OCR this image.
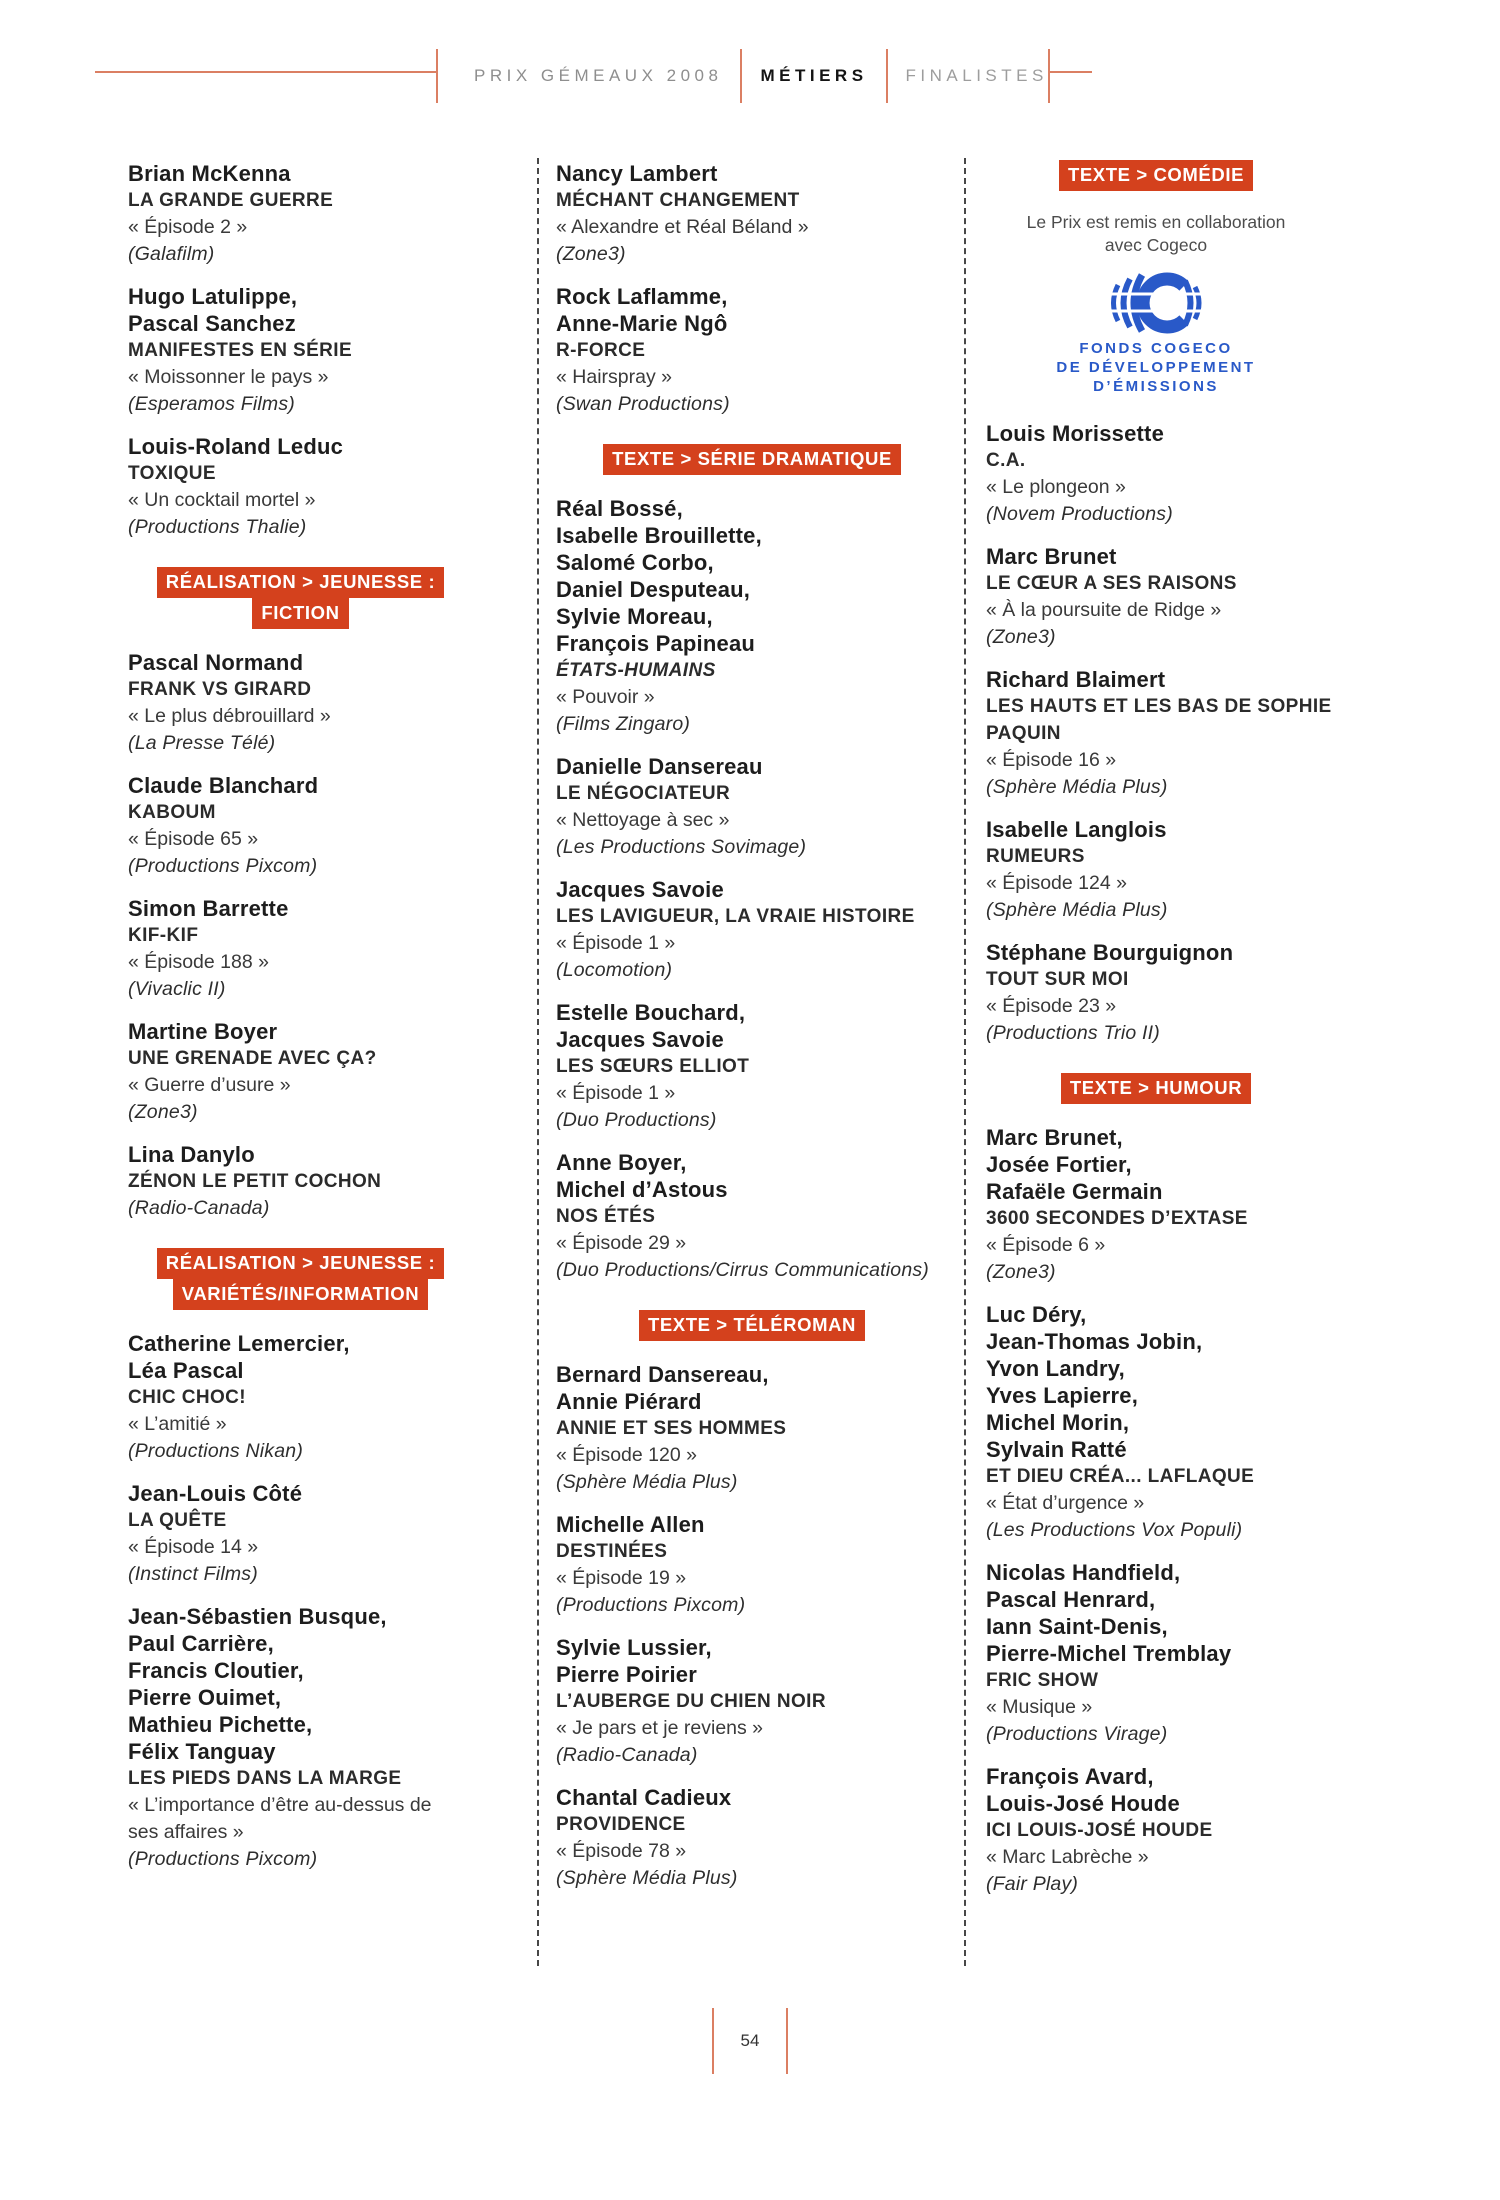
PRIX GÉMEAUX 2008	MÉTIERS	FINALISTES
Brian McKenna
LA GRANDE GUERRE
« Épisode 2 »
(Galafilm)
Hugo Latulippe,
Pascal Sanchez
MANIFESTES EN SÉRIE
« Moissonner le pays »
(Esperamos Films)
Louis-Roland Leduc
TOXIQUE
« Un cocktail mortel »
(Productions Thalie)
RÉALISATION > JEUNESSE :
FICTION
Pascal Normand
FRANK VS GIRARD
« Le plus débrouillard »
(La Presse Télé)
Claude Blanchard
KABOUM
« Épisode 65 »
(Productions Pixcom)
Simon Barrette
KIF-KIF
« Épisode 188 »
(Vivaclic II)
Martine Boyer
UNE GRENADE AVEC ÇA?
« Guerre d’usure »
(Zone3)
Lina Danylo
ZÉNON LE PETIT COCHON
(Radio-Canada)
RÉALISATION > JEUNESSE :
VARIÉTÉS/INFORMATION
Catherine Lemercier,
Léa Pascal
CHIC CHOC!
« L’amitié »
(Productions Nikan)
Jean-Louis Côté
LA QUÊTE
« Épisode 14 »
(Instinct Films)
Jean-Sébastien Busque,
Paul Carrière,
Francis Cloutier,
Pierre Ouimet,
Mathieu Pichette,
Félix Tanguay
LES PIEDS DANS LA MARGE
« L’importance d’être au-dessus de ses affaires »
(Productions Pixcom)
Nancy Lambert
MÉCHANT CHANGEMENT
« Alexandre et Réal Béland »
(Zone3)
Rock Laflamme,
Anne-Marie Ngô
R-FORCE
« Hairspray »
(Swan Productions)
TEXTE > SÉRIE DRAMATIQUE
Réal Bossé,
Isabelle Brouillette,
Salomé Corbo,
Daniel Desputeau,
Sylvie Moreau,
François Papineau
ÉTATS-HUMAINS
« Pouvoir »
(Films Zingaro)
Danielle Dansereau
LE NÉGOCIATEUR
« Nettoyage à sec »
(Les Productions Sovimage)
Jacques Savoie
LES LAVIGUEUR, LA VRAIE HISTOIRE
« Épisode 1 »
(Locomotion)
Estelle Bouchard,
Jacques Savoie
LES SŒURS ELLIOT
« Épisode 1 »
(Duo Productions)
Anne Boyer,
Michel d’Astous
NOS ÉTÉS
« Épisode 29 »
(Duo Productions/Cirrus Communications)
TEXTE > TÉLÉROMAN
Bernard Dansereau,
Annie Piérard
ANNIE ET SES HOMMES
« Épisode 120 »
(Sphère Média Plus)
Michelle Allen
DESTINÉES
« Épisode 19 »
(Productions Pixcom)
Sylvie Lussier,
Pierre Poirier
L’AUBERGE DU CHIEN NOIR
« Je pars et je reviens »
(Radio-Canada)
Chantal Cadieux
PROVIDENCE
« Épisode 78 »
(Sphère Média Plus)
TEXTE > COMÉDIE
Le Prix est remis en collaboration
avec Cogeco
FONDS COGECO
DE DÉVELOPPEMENT
D’ÉMISSIONS
Louis Morissette
C.A.
« Le plongeon »
(Novem Productions)
Marc Brunet
LE CŒUR A SES RAISONS
« À la poursuite de Ridge »
(Zone3)
Richard Blaimert
LES HAUTS ET LES BAS DE SOPHIE PAQUIN
« Épisode 16 »
(Sphère Média Plus)
Isabelle Langlois
RUMEURS
« Épisode 124 »
(Sphère Média Plus)
Stéphane Bourguignon
TOUT SUR MOI
« Épisode 23 »
(Productions Trio II)
TEXTE > HUMOUR
Marc Brunet,
Josée Fortier,
Rafaële Germain
3600 SECONDES D’EXTASE
« Épisode 6 »
(Zone3)
Luc Déry,
Jean-Thomas Jobin,
Yvon Landry,
Yves Lapierre,
Michel Morin,
Sylvain Ratté
ET DIEU CRÉA... LAFLAQUE
« État d’urgence »
(Les Productions Vox Populi)
Nicolas Handfield,
Pascal Henrard,
Iann Saint-Denis,
Pierre-Michel Tremblay
FRIC SHOW
« Musique »
(Productions Virage)
François Avard,
Louis-José Houde
ICI LOUIS-JOSÉ HOUDE
« Marc Labrèche »
(Fair Play)
54
